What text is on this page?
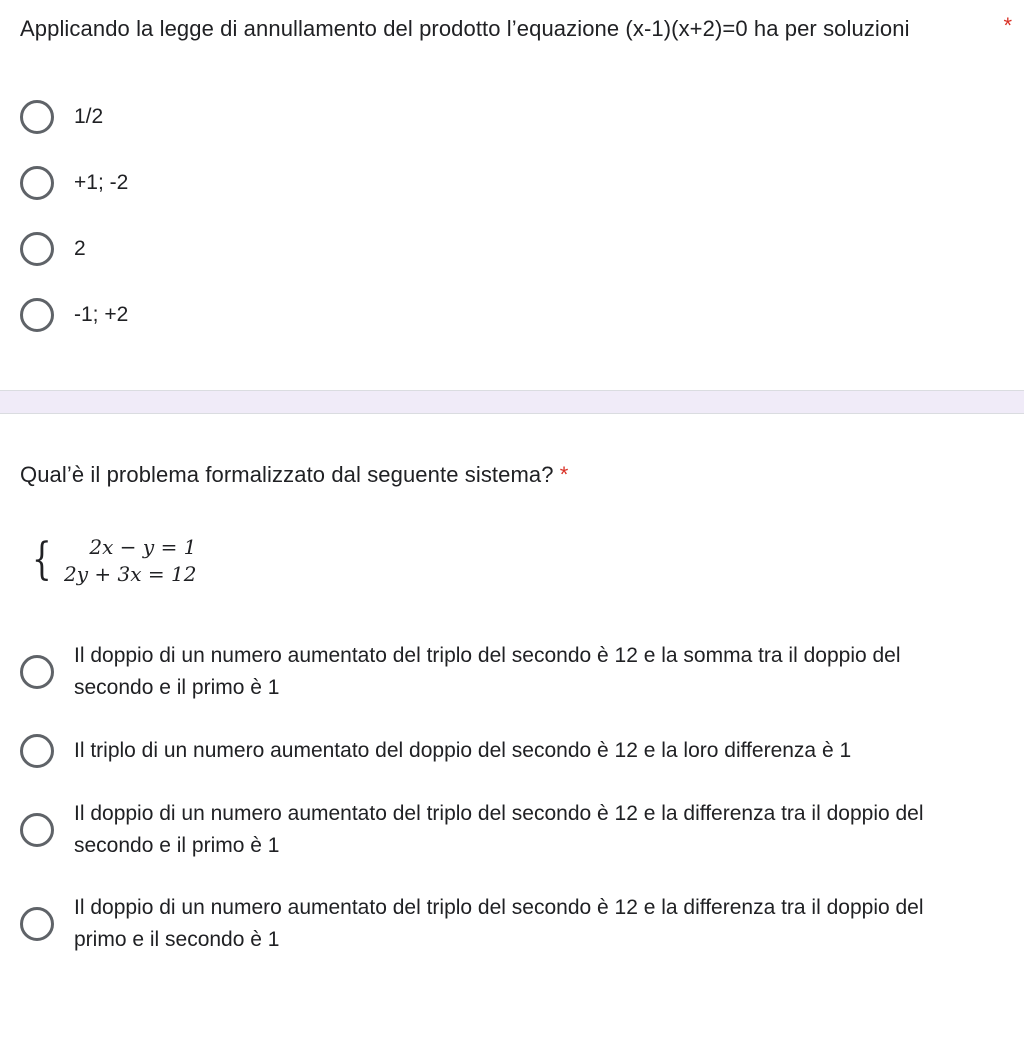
Applicando la legge di annullamento del prodotto l’equazione (x-1)(x+2)=0 ha per soluzioni	*
1/2
+1; -2
2
-1; +2
Qual’è il problema formalizzato dal seguente sistema? *
{	2x − y = 1
2y + 3x = 12
Il doppio di un numero aumentato del triplo del secondo è 12 e la somma tra il doppio del secondo e il primo è 1
Il triplo di un numero aumentato del doppio del secondo è 12 e la loro differenza è 1
Il doppio di un numero aumentato del triplo del secondo è 12 e la differenza tra il doppio del secondo e il primo è 1
Il doppio di un numero aumentato del triplo del secondo è 12 e la differenza tra il doppio del primo e il secondo è 1
